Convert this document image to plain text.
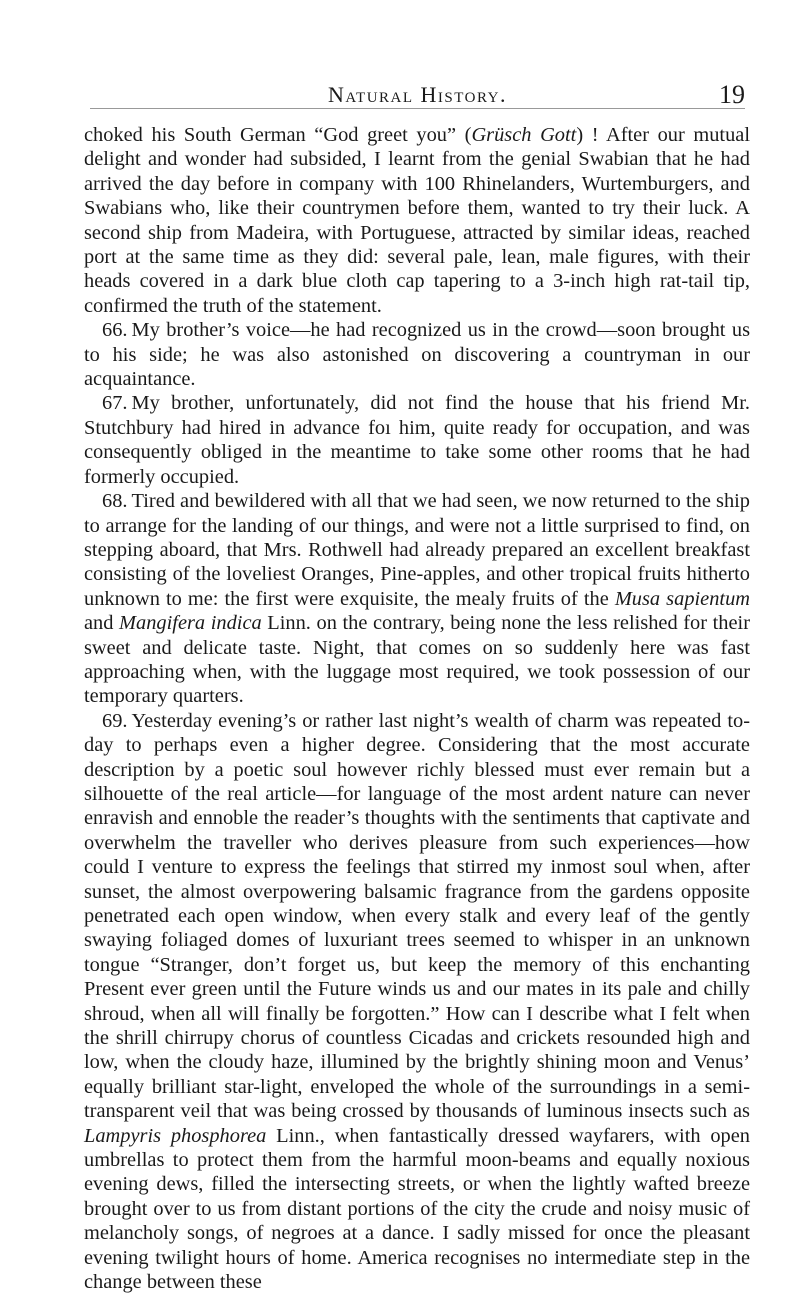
Natural History.	19

choked his South German “God greet you” (Grüsch Gott) ! After our mutual delight and wonder had subsided, I learnt from the genial Swabian that he had arrived the day before in company with 100 Rhinelanders, Wurtemburgers, and Swabians who, like their countrymen before them, wanted to try their luck. A second ship from Madeira, with Portuguese, attracted by similar ideas, reached port at the same time as they did: several pale, lean, male figures, with their heads covered in a dark blue cloth cap tapering to a 3-inch high rat-tail tip, confirmed the truth of the statement.

66. My brother’s voice—he had recognized us in the crowd—soon brought us to his side; he was also astonished on discovering a countryman in our acquaintance.

67. My brother, unfortunately, did not find the house that his friend Mr. Stutchbury had hired in advance foı him, quite ready for occupation, and was consequently obliged in the meantime to take some other rooms that he had formerly occupied.

68. Tired and bewildered with all that we had seen, we now returned to the ship to arrange for the landing of our things, and were not a little surprised to find, on stepping aboard, that Mrs. Rothwell had already prepared an excellent breakfast consisting of the loveliest Oranges, Pine-apples, and other tropical fruits hitherto unknown to me: the first were exquisite, the mealy fruits of the Musa sapientum and Mangifera indica Linn. on the contrary, being none the less relished for their sweet and delicate taste. Night, that comes on so suddenly here was fast approaching when, with the luggage most required, we took possession of our temporary quarters.

69. Yesterday evening’s or rather last night’s wealth of charm was repeated to-day to perhaps even a higher degree. Considering that the most accurate description by a poetic soul however richly blessed must ever remain but a silhouette of the real article—for language of the most ardent nature can never enravish and ennoble the reader’s thoughts with the sentiments that captivate and overwhelm the traveller who derives pleasure from such experiences—how could I venture to express the feelings that stirred my inmost soul when, after sunset, the almost overpowering balsamic fragrance from the gardens opposite penetrated each open window, when every stalk and every leaf of the gently swaying foliaged domes of luxuriant trees seemed to whisper in an unknown tongue “Stranger, don’t forget us, but keep the memory of this enchanting Present ever green until the Future winds us and our mates in its pale and chilly shroud, when all will finally be forgotten.” How can I describe what I felt when the shrill chirrupy chorus of countless Cicadas and crickets resounded high and low, when the cloudy haze, illumined by the brightly shining moon and Venus’ equally brilliant star-light, enveloped the whole of the surroundings in a semi-transparent veil that was being crossed by thousands of luminous insects such as Lampyris phosphorea Linn., when fantastically dressed wayfarers, with open umbrellas to protect them from the harmful moon-beams and equally noxious evening dews, filled the intersecting streets, or when the lightly wafted breeze brought over to us from distant portions of the city the crude and noisy music of melancholy songs, of negroes at a dance. I sadly missed for once the pleasant evening twilight hours of home. America recognises no intermediate step in the change between these
